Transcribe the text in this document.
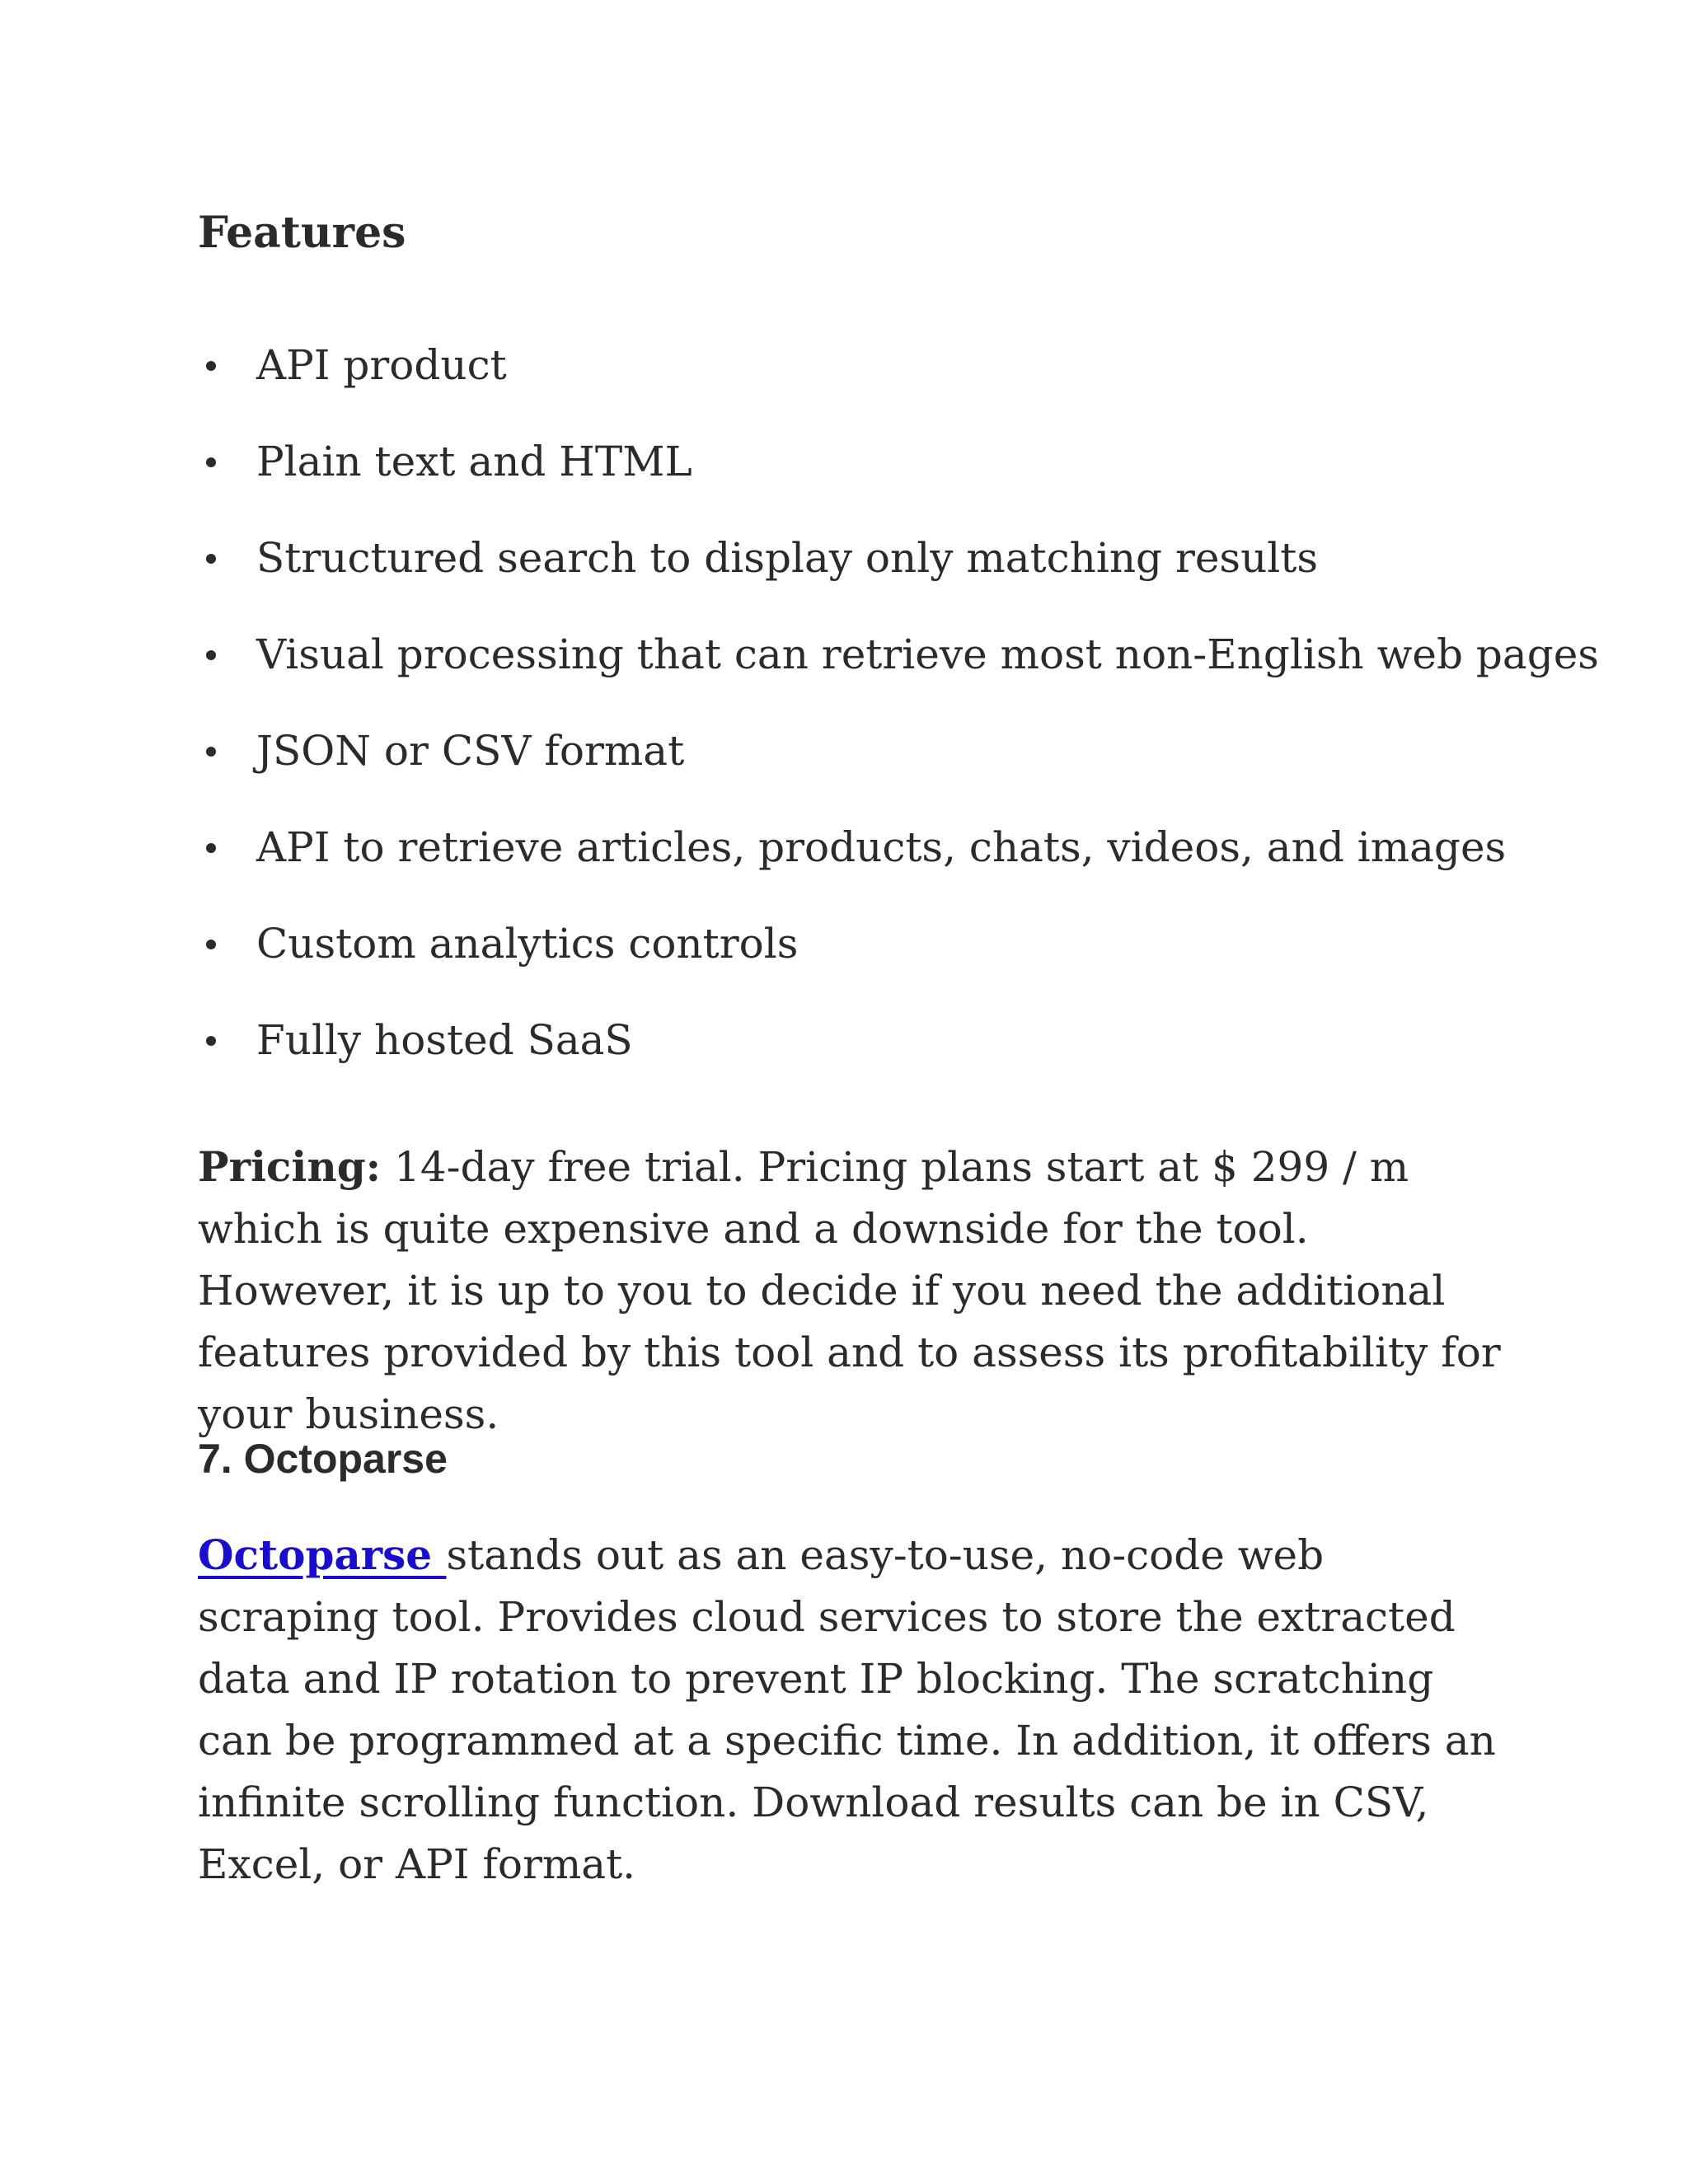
Features
API product
Plain text and HTML
Structured search to display only matching results
Visual processing that can retrieve most non-English web pages
JSON or CSV format
API to retrieve articles, products, chats, videos, and images
Custom analytics controls
Fully hosted SaaS

Pricing: 14-day free trial. Pricing plans start at $ 299 / m which is quite expensive and a downside for the tool. However, it is up to you to decide if you need the additional features provided by this tool and to assess its profitability for your business.

7. Octoparse

Octoparse stands out as an easy-to-use, no-code web scraping tool. Provides cloud services to store the extracted data and IP rotation to prevent IP blocking. The scratching can be programmed at a specific time. In addition, it offers an infinite scrolling function. Download results can be in CSV, Excel, or API format.
